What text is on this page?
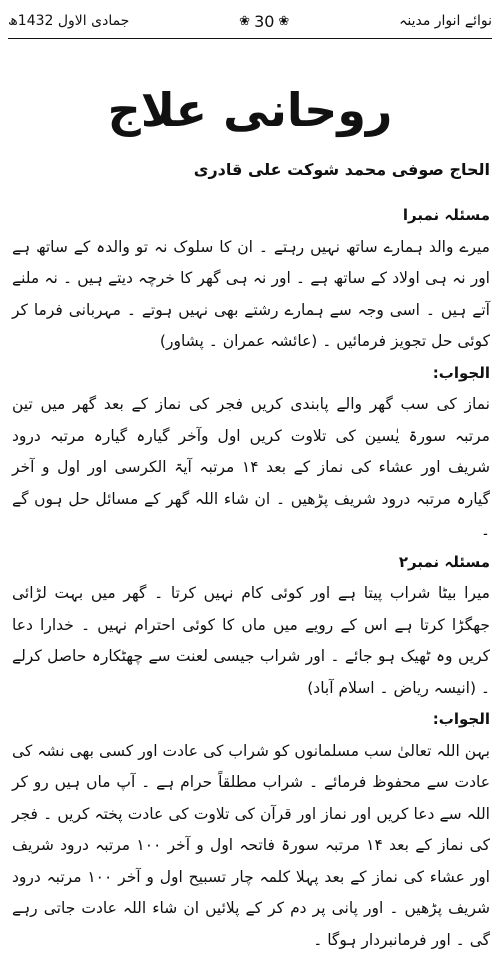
نوائے انوار مدینہ
❀
30
❀
جمادی الاول 1432ھ
روحانی علاج
الحاج صوفی محمد شوکت علی قادری

مسئلہ نمبرا

میرے والد ہمارے ساتھ نہیں رہتے ۔ ان کا سلوک نہ تو والدہ کے ساتھ ہے اور نہ ہی اولاد کے ساتھ ہے ۔ اور نہ ہی گھر کا خرچہ دیتے ہیں ۔ نہ ملنے آتے ہیں ۔ اسی وجہ سے ہمارے رشتے بھی نہیں ہوتے ۔ مہربانی فرما کر کوئی حل تجویز فرمائیں ۔ (عائشہ عمران ۔ پشاور)

الجواب:

نماز کی سب گھر والے پابندی کریں فجر کی نماز کے بعد گھر میں تین مرتبہ سورۃ یٰسین کی تلاوت کریں اول وآخر گیارہ گیارہ مرتبہ درود شریف اور عشاء کی نماز کے بعد ۱۴ مرتبہ آیۃ الکرسی اور اول و آخر گیارہ مرتبہ درود شریف پڑھیں ۔ ان شاء اللہ گھر کے مسائل حل ہوں گے ۔

مسئلہ نمبر۲

میرا بیٹا شراب پیتا ہے اور کوئی کام نہیں کرتا ۔ گھر میں بہت لڑائی جھگڑا کرتا ہے اس کے رویے میں ماں کا کوئی احترام نہیں ۔ خدارا دعا کریں وہ ٹھیک ہو جائے ۔ اور شراب جیسی لعنت سے چھٹکارہ حاصل کرلے ۔ (انیسہ ریاض ۔ اسلام آباد)

الجواب:

بہن اللہ تعالیٰ سب مسلمانوں کو شراب کی عادت اور کسی بھی نشہ کی عادت سے محفوظ فرمائے ۔ شراب مطلقاً حرام ہے ۔ آپ ماں ہیں رو کر اللہ سے دعا کریں اور نماز اور قرآن کی تلاوت کی عادت پختہ کریں ۔ فجر کی نماز کے بعد ۱۴ مرتبہ سورۃ فاتحہ اول و آخر ۱۰۰ مرتبہ درود شریف اور عشاء کی نماز کے بعد پہلا کلمہ چار تسبیح اول و آخر ۱۰۰ مرتبہ درود شریف پڑھیں ۔ اور پانی پر دم کر کے پلائیں ان شاء اللہ عادت جاتی رہے گی ۔ اور فرمانبردار ہوگا ۔
